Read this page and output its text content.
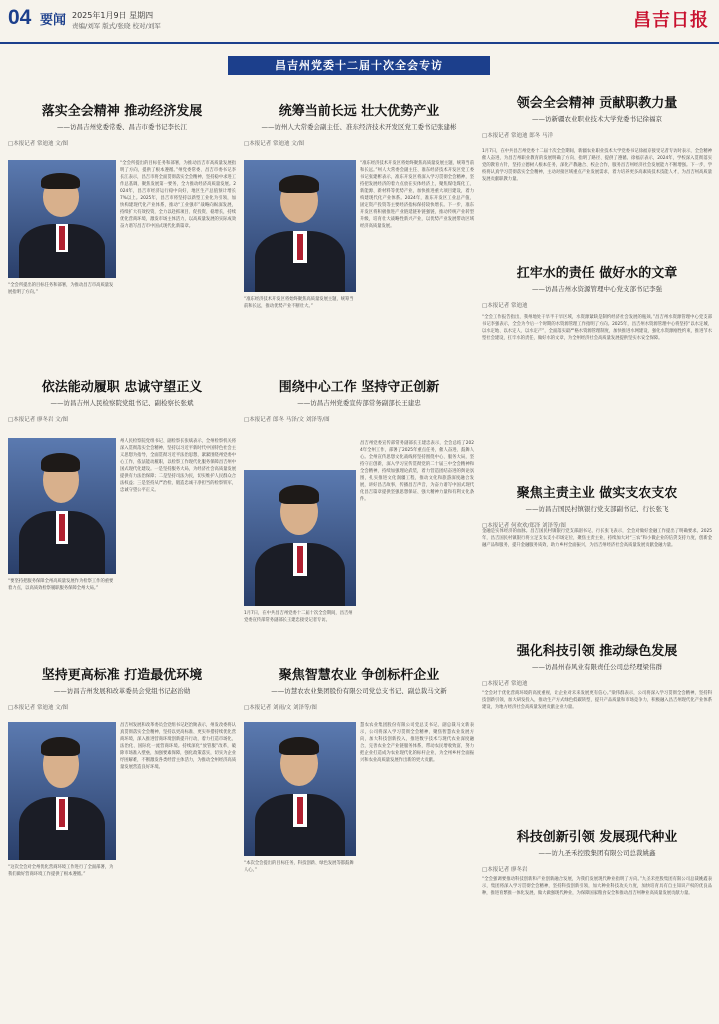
04 要闻 2025年1月9日 星期四
责编/刘军 版式/张晓 校对/刘军	昌吉日报
昌吉州党委十二届十次全会专访
落实全会精神 推动经济发展
——访昌吉州党委常委、昌吉市委书记李长江
□本报记者 常迪迪 文/图
“全会所提出的目标任务和部署，为推动昌吉市高质量发展指明了方向。”
“全会所提出的目标任务和部署，为推动昌吉市高质量发展指明了方向，提供了根本遵循。”州党委常委、昌吉市委书记李长江表示，昌吉市将全面贯彻落实全会精神，坚持稳中求进工作总基调，聚焦发展第一要务，全力推动经济高质量发展。2024年，昌吉市经济运行稳中向好，地区生产总值预计增长7%以上。2025年，昌吉市将坚持以新型工业化为引领，加快构建现代化产业体系，推动“工业强市”战略向纵深发展，持续扩大有效投资，全力以赴抓项目、促投资、稳增长，持续优化营商环境，激发市场主体活力，以高质量发展的实际成效奋力谱写昌吉市中国式现代化新篇章。
统筹当前长远 壮大优势产业
——访州人大常委会副主任、准东经济技术开发区党工委书记张建彬
□本报记者 常迪迪 文/图
“准东经济技术开发区将始终聚焦高质量发展主题，统筹当前和长远，推动优势产业不断壮大。”
“准东经济技术开发区将始终聚焦高质量发展主题，统筹当前和长远。”州人大常委会副主任、准东经济技术开发区党工委书记张建彬表示，准东开发区将深入学习贯彻全会精神，坚持把发展经济的着力点放在实体经济上，聚焦煤电煤化工、新能源、新材料等优势产业，加快推进重大项目建设，着力构建现代化产业体系。2024年，准东开发区工业总产值、固定资产投资等主要经济指标保持较快增长。下一步，准东开发区将积极推进产业链延链补链强链，推动传统产业转型升级，培育壮大战略性新兴产业，以优势产业发展带动区域经济高质量发展。
领会全会精神 贡献职教力量
——访新疆农业职业技术大学党委书记徐福京
□本报记者 常迪迪 郎冬 马洋
1月7日，在中共昌吉州党委十二届十次全会期间，新疆农业职业技术大学党委书记徐福京接受记者专访时表示，全会精神催人奋进，为昌吉州职业教育的发展明确了方向、指明了路径、提供了遵循。徐福京表示，2024年，学校深入贯彻落实党的教育方针，坚持立德树人根本任务，深化产教融合、校企合作，服务昌吉州经济社会发展能力不断增强。下一步，学校将认真学习贯彻落实全会精神，主动对接区域重点产业发展需求，着力培养更多高素质技术技能人才，为昌吉州高质量发展贡献职教力量。
扛牢水的责任 做好水的文章
——访昌吉州水资源管理中心党支部书记李强
□本报记者 常迪迪
“全会工作报告指出，我州地处干旱半干旱区域，水资源紧缺是制约经济社会发展的瓶颈。”昌吉州水资源管理中心党支部书记李强表示，全会为今后一个时期的水资源管理工作指明了方向。2025年，昌吉州水资源管理中心将坚持“以水定城、以水定地、以水定人、以水定产”，全面落实最严格水资源管理制度，加快推进水网建设，强化水资源刚性约束，推进节水型社会建设，扛牢水的责任，做好水的文章，为全州经济社会高质量发展提供坚实水安全保障。
依法能动履职 忠诚守望正义
——访昌吉州人民检察院党组书记、副检察长张斌
□本报记者 廖冬岩 文/图
“要坚持把服务保障全州高质量发展作为检察工作的重要着力点，以高质效检察履职服务保障全州大局。”
州人民检察院党组书记、副检察长张斌表示，全州检察机关将深入贯彻落实全会精神，坚持以习近平新时代中国特色社会主义思想为指导，全面贯彻习近平法治思想，紧紧围绕州党委中心工作，依法能动履职，以检察工作现代化服务保障昌吉州中国式现代化建设。一是坚持服务大局，为经济社会高质量发展提供有力法治保障；二是坚持司法为民，切实维护人民群众合法权益；三是坚持从严治检，锻造忠诚干净担当的检察铁军，忠诚守望公平正义。
围绕中心工作 坚持守正创新
——访昌吉州党委宣传部常务副部长王建忠
□本报记者 郎冬 马泽/文 刘泽等/图
1月7日，在中共昌吉州党委十二届十次全会期间，昌吉州党委宣传部常务副部长王建忠接受记者专访。
昌吉州党委宣传部常务副部长王建忠表示，全会总结了2024年全州工作，部署了2025年重点任务，催人奋进、鼓舞人心。全州宣传思想文化战线将坚持围绕中心、服务大局，坚持守正创新，深入学习宣传贯彻党的二十届三中全会精神和全会精神，持续加强理论武装，着力营造团结奋进的舆论氛围，扎实推进文化润疆工程，推动文化和旅游深度融合发展，讲好昌吉故事，传播昌吉声音，为奋力谱写中国式现代化昌吉篇章提供坚强思想保证、强大精神力量和有利文化条件。	聚焦主责主业 做实支农支农
——访昌吉国民村镇银行党支部副书记、行长张飞
□本报记者 何欢欢/郑泽 刘泽等/图
金融是实体经济的血脉。昌吉国民村镇银行党支部副书记、行长张飞表示，全会对做好金融工作提出了明确要求。2025年，昌吉国民村镇银行将立足支农支小市场定位，聚焦主责主业，持续加大对“三农”和小微企业的信贷支持力度，创新金融产品和服务，提升金融服务质效，助力乡村全面振兴，为昌吉州经济社会高质量发展贡献金融力量。
强化科技引领 推动绿色发展
——访昌州春风业有限责任公司总经理梁伟群
□本报记者 常迪迪
“全会对于优化营商环境的高度重视，让企业对未来发展更有信心。”梁伟群表示，公司将深入学习贯彻全会精神，坚持科技创新引领，加大研发投入，推动生产方式绿色低碳转型，提升产品质量和市场竞争力，积极融入昌吉州现代化产业体系建设，为地方经济社会高质量发展贡献企业力量。
坚持更高标准 打造最优环境
——访昌吉州发展和改革委员会党组书记赵治勋
□本报记者 常迪迪 文/图
“这次全会对全州优化营商环境工作进行了全面部署，为我们做好营商环境工作提供了根本遵循。”
昌吉州发展和改革委员会党组书记赵治勋表示，州发改委将认真贯彻落实全会精神，坚持以更高标准、更实举措持续优化营商环境，深入推进营商环境创新提升行动，着力打造市场化、法治化、国际化一流营商环境。持续深化“放管服”改革，破除市场准入壁垒，加强要素保障，强化政策落实，切实为企业纾困解难，不断激发各类经营主体活力，为推动全州经济高质量发展营造良好环境。
聚焦智慧农业 争创标杆企业
——访慧农农业集团股份有限公司党总支书记、副总裁马文新
□本报记者 刘雨/文 刘泽等/图
“本次全会提出的目标任务，科技创新、绿色发展等都鼓舞人心。”
慧农农业集团股份有限公司党总支书记、副总裁马文新表示，公司将深入学习贯彻全会精神，聚焦智慧农业发展方向，加大科技创新投入，推进数字技术与现代农业深度融合，完善农业全产业链服务体系，带动农民增收致富，努力把企业打造成为农业现代化的标杆企业，为全州乡村全面振兴和农业高质量发展作出新的更大贡献。
科技创新引领 发展现代种业
——访九圣禾控股集团有限公司总裁姚鑫
□本报记者 廖冬岩
“全会强调要推动科技创新和产业创新融合发展，为我们发展现代种业指明了方向。”九圣禾控股集团有限公司总裁姚鑫表示，集团将深入学习贯彻全会精神，坚持科技创新引领，加大种业科技攻关力度，加快培育具有自主知识产权的优良品种，推进育繁推一体化发展，做大做强现代种业，为保障国家粮食安全和推动昌吉州种业高质量发展贡献力量。
